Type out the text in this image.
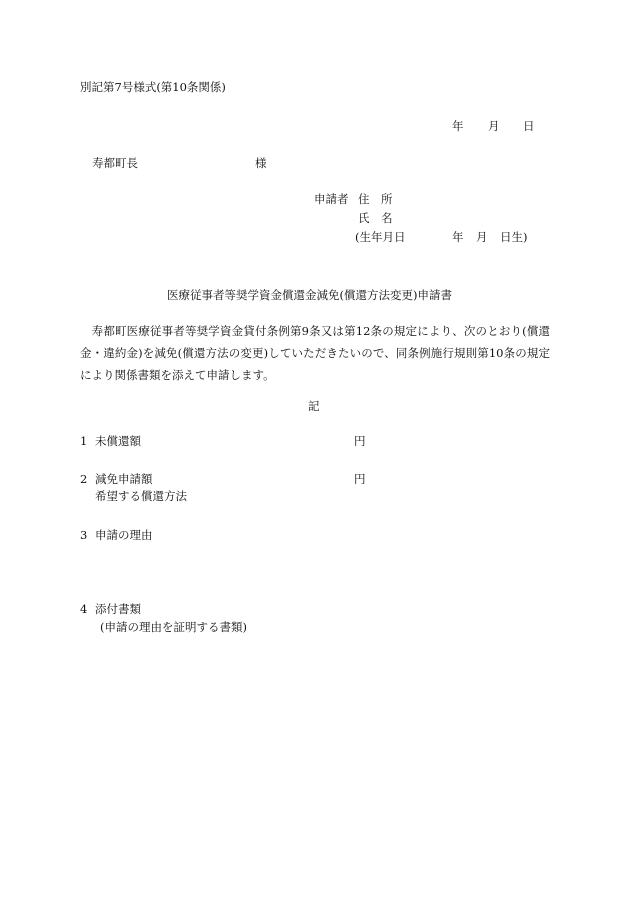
別記第7号様式(第10条関係)
年 月 日
寿都町長	様
申請者 住　所
氏　名
(生年月日	年 月 日生)
医療従事者等奨学資金償還金減免(償還方法変更)申請書
　寿都町医療従事者等奨学資金貸付条例第9条又は第12条の規定により、次のとおり(償還金・違約金)を減免(償還方法の変更)していただきたいので、同条例施行規則第10条の規定により関係書類を添えて申請します。
記
1 未償還額	円
2 減免申請額	円
希望する償還方法
3 申請の理由
4 添付書類
(申請の理由を証明する書類)
